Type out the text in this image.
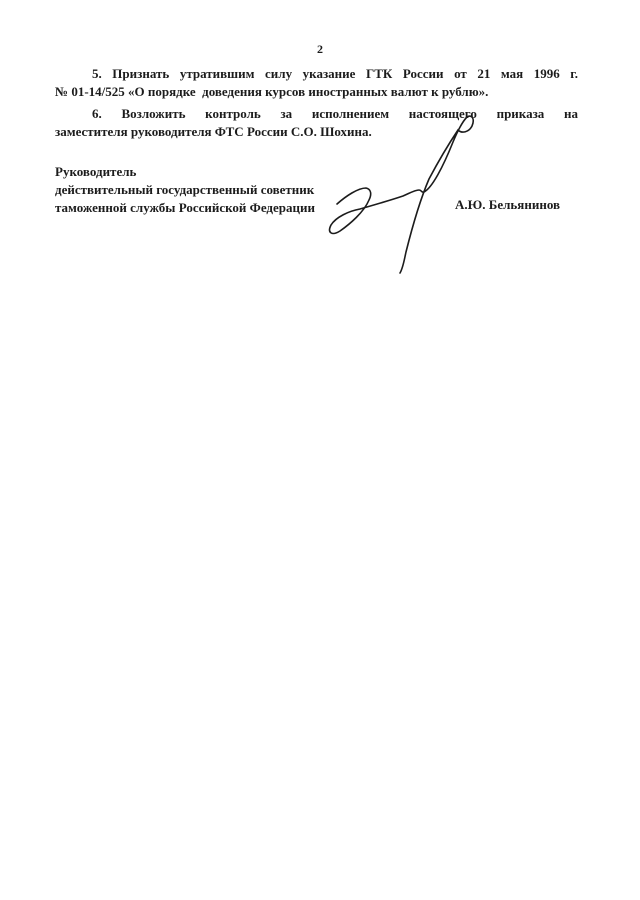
2
5. Признать утратившим силу указание ГТК России от 21 мая 1996 г.
№ 01-14/525 «О порядке  доведения курсов иностранных валют к рублю».
6. Возложить контроль за исполнением настоящего приказа на
заместителя руководителя ФТС России С.О. Шохина.
Руководитель
действительный государственный советник
таможенной службы Российской Федерации	А.Ю. Бельянинов
